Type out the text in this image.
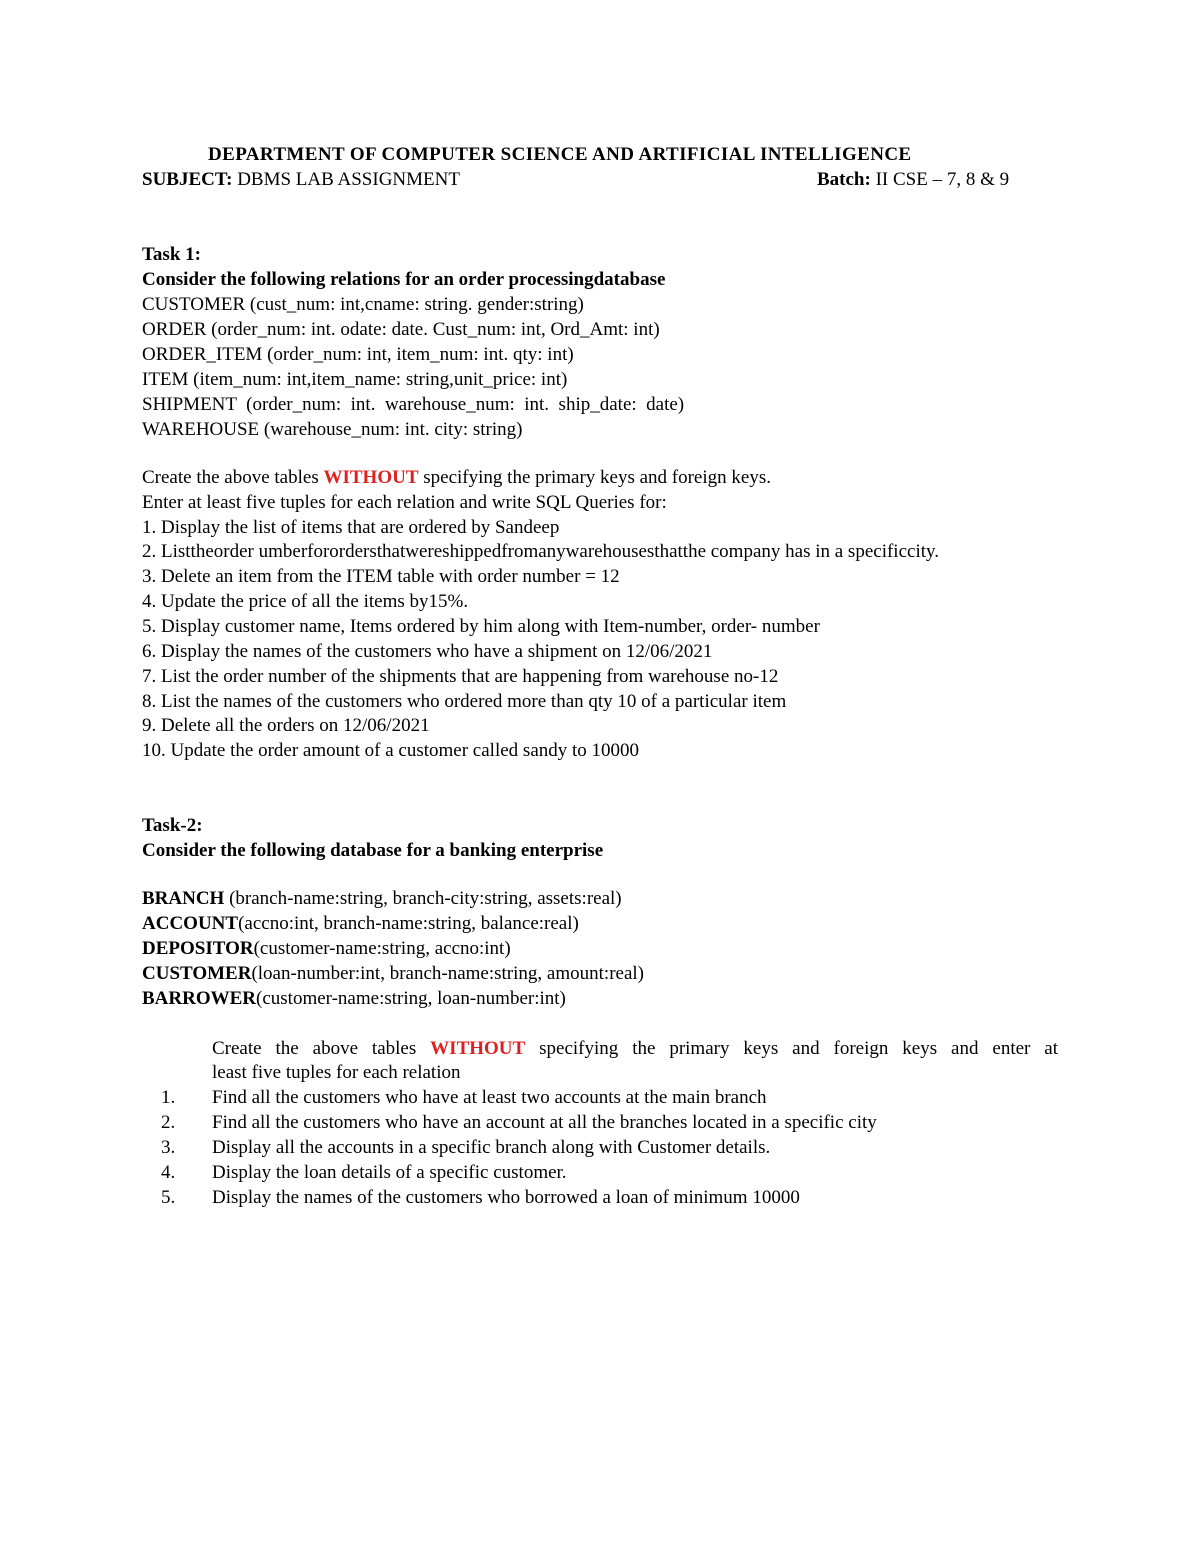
DEPARTMENT OF COMPUTER SCIENCE AND ARTIFICIAL INTELLIGENCE
SUBJECT: DBMS LAB ASSIGNMENT	Batch: II CSE – 7, 8 & 9
Task 1:
Consider the following relations for an order processingdatabase
CUSTOMER (cust_num: int,cname: string. gender:string)
ORDER (order_num: int. odate: date. Cust_num: int, Ord_Amt: int)
ORDER_ITEM (order_num: int, item_num: int. qty: int)
ITEM (item_num: int,item_name: string,unit_price: int)
SHIPMENT  (order_num:  int.  warehouse_num:  int.  ship_date:  date)
WAREHOUSE (warehouse_num: int. city: string)
Create the above tables WITHOUT specifying the primary keys and foreign keys.
Enter at least five tuples for each relation and write SQL Queries for:
1. Display the list of items that are ordered by Sandeep
2. Listtheorder umberforordersthatwereshippedfromanywarehousesthatthe company has in a specificcity.
3. Delete an item from the ITEM table with order number = 12
4. Update the price of all the items by15%.
5. Display customer name, Items ordered by him along with Item-number, order- number
6. Display the names of the customers who have a shipment on 12/06/2021
7. List the order number of the shipments that are happening from warehouse no-12
8. List the names of the customers who ordered more than qty 10 of a particular item
9. Delete all the orders on 12/06/2021
10. Update the order amount of a customer called sandy to 10000
Task-2:
Consider the following database for a banking enterprise
BRANCH (branch-name:string, branch-city:string, assets:real)
ACCOUNT(accno:int, branch-name:string, balance:real)
DEPOSITOR(customer-name:string, accno:int)
CUSTOMER(loan-number:int, branch-name:string, amount:real)
BARROWER(customer-name:string, loan-number:int)
Create the above tables WITHOUT specifying the primary keys and foreign keys and enter at
least five tuples for each relation
1. Find all the customers who have at least two accounts at the main branch
2. Find all the customers who have an account at all the branches located in a specific city
3. Display all the accounts in a specific branch along with Customer details.
4. Display the loan details of a specific customer.
5. Display the names of the customers who borrowed a loan of minimum 10000
